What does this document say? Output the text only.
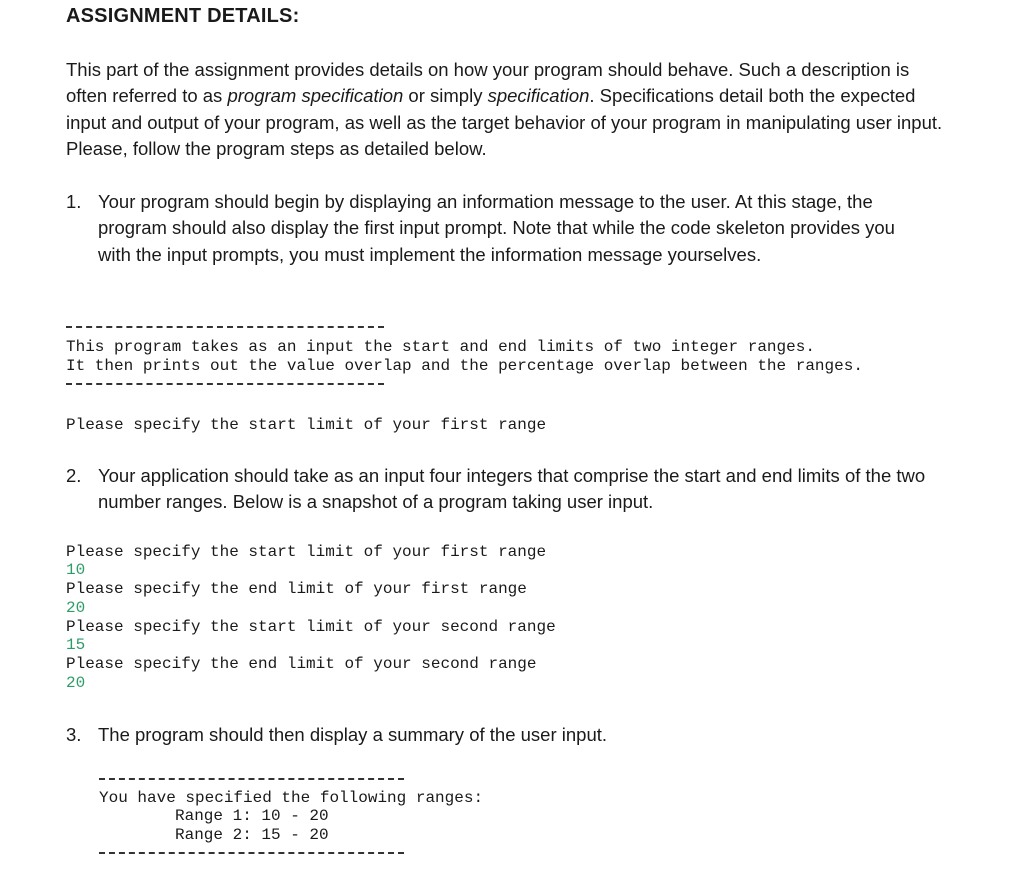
ASSIGNMENT DETAILS:
This part of the assignment provides details on how your program should behave. Such a description is often referred to as program specification or simply specification. Specifications detail both the expected input and output of your program, as well as the target behavior of your program in manipulating user input. Please, follow the program steps as detailed below.
1. Your program should begin by displaying an information message to the user. At this stage, the program should also display the first input prompt. Note that while the code skeleton provides you with the input prompts, you must implement the information message yourselves.
This program takes as an input the start and end limits of two integer ranges.
It then prints out the value overlap and the percentage overlap between the ranges.
Please specify the start limit of your first range
2. Your application should take as an input four integers that comprise the start and end limits of the two number ranges. Below is a snapshot of a program taking user input.
Please specify the start limit of your first range
10
Please specify the end limit of your first range
20
Please specify the start limit of your second range
15
Please specify the end limit of your second range
20
3. The program should then display a summary of the user input.
You have specified the following ranges:
Range 1: 10 - 20
Range 2: 15 - 20
